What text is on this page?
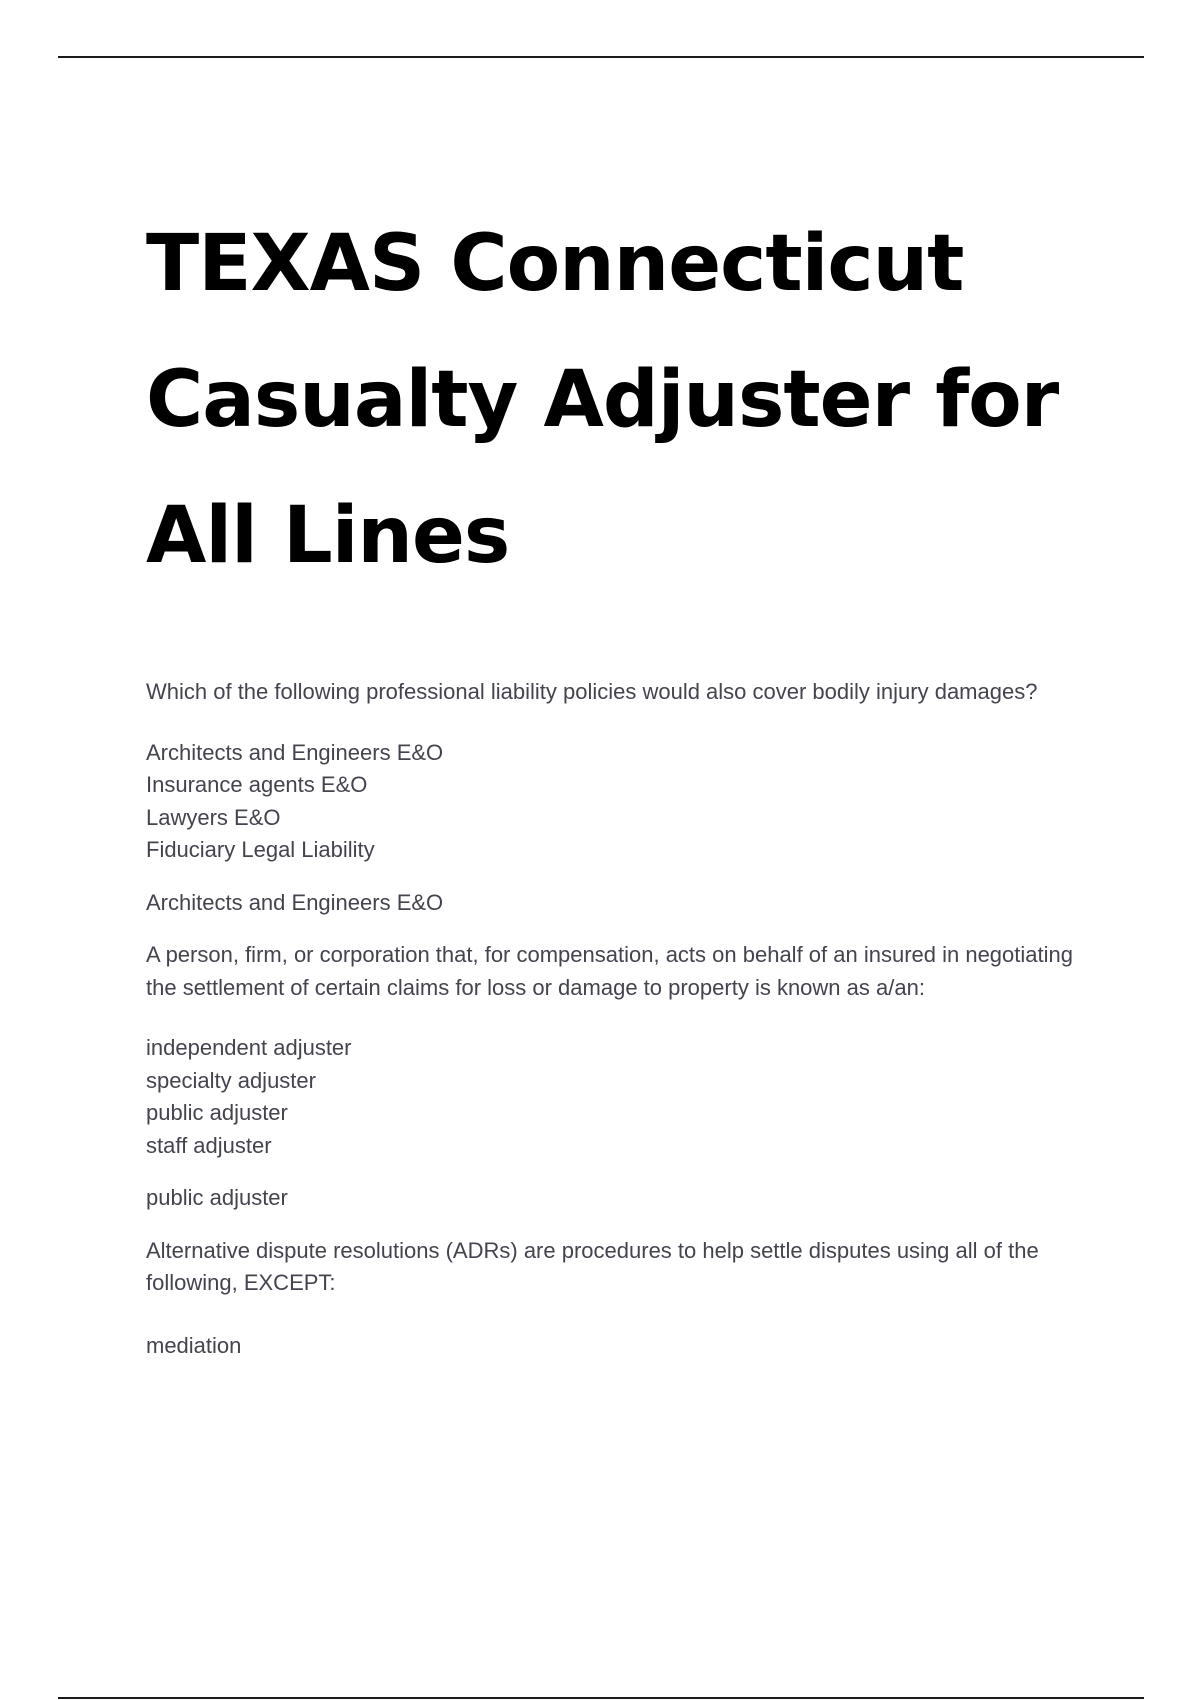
TEXAS Connecticut
Casualty Adjuster for
All Lines

Which of the following professional liability policies would also cover bodily injury damages?

Architects and Engineers E&O
Insurance agents E&O
Lawyers E&O
Fiduciary Legal Liability
Architects and Engineers E&O

A person, firm, or corporation that, for compensation, acts on behalf of an insured in negotiating the settlement of certain claims for loss or damage to property is known as a/an:

independent adjuster
specialty adjuster
public adjuster
staff adjuster
public adjuster

Alternative dispute resolutions (ADRs) are procedures to help settle disputes using all of the following, EXCEPT:

mediation
